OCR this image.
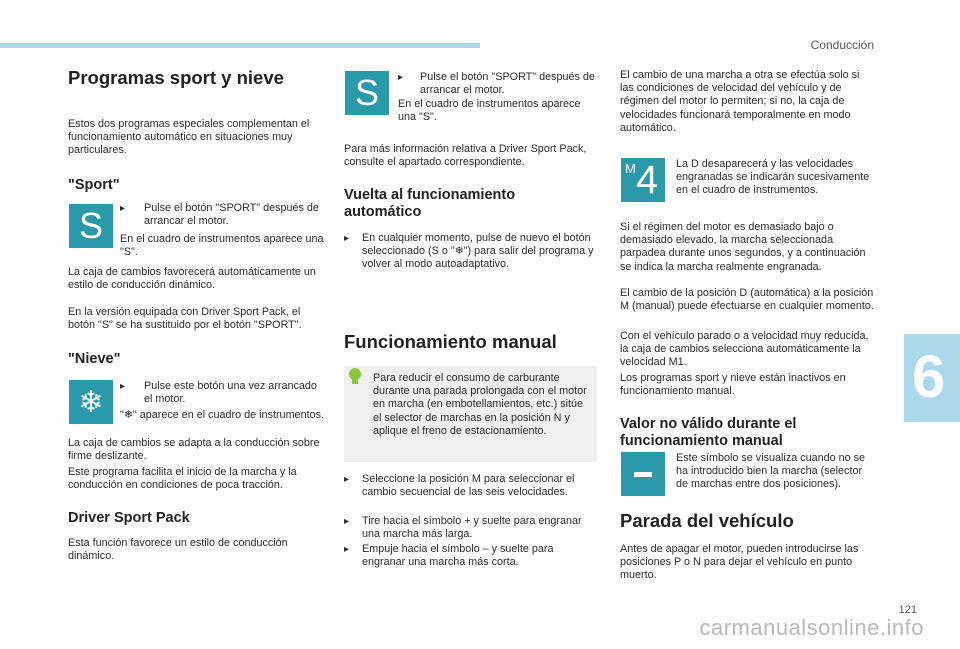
Conducción
6
121
carmanualsonline.info
Programas sport y nieve

Estos dos programas especiales complementan el funcionamiento automático en situaciones muy particulares.

"Sport"
S ▸	Pulse el botón "SPORT" después de arrancar el motor.

En el cuadro de instrumentos aparece una "S".

La caja de cambios favorecerá automáticamente un estilo de conducción dinámico.

En la versión equipada con Driver Sport Pack, el botón "S" se ha sustituido por el botón "SPORT".

"Nieve"
❄ ▸	Pulse este botón una vez arrancado el motor.

"❄" aparece en el cuadro de instrumentos.

La caja de cambios se adapta a la conducción sobre firme deslizante.

Este programa facilita el inicio de la marcha y la conducción en condiciones de poca tracción.

Driver Sport Pack

Esta función favorece un estilo de conducción dinámico.

S ▸	Pulse el botón "SPORT" después de arrancar el motor.

En el cuadro de instrumentos aparece una "S".

Para más información relativa a Driver Sport Pack, consulte el apartado correspondiente.

Vuelta al funcionamiento automático
▸	En cualquier momento, pulse de nuevo el botón seleccionado (S o "❄") para salir del programa y volver al modo autoadaptativo.
Funcionamiento manual

Para reducir el consumo de carburante durante una parada prolongada con el motor en marcha (en embotellamientos, etc.) sitúe el selector de marchas en la posición N y aplique el freno de estacionamiento.

▸	Seleccione la posición M para seleccionar el cambio secuencial de las seis velocidades.
▸	Tire hacia el símbolo + y suelte para engranar una marcha más larga.
▸	Empuje hacia el símbolo – y suelte para engranar una marcha más corta.

El cambio de una marcha a otra se efectúa solo si las condiciones de velocidad del vehículo y de régimen del motor lo permiten; si no, la caja de velocidades funcionará temporalmente en modo automático.

M 4 La D desaparecerá y las velocidades engranadas se indicarán sucesivamente en el cuadro de instrumentos.

Si el régimen del motor es demasiado bajo o demasiado elevado, la marcha seleccionada parpadea durante unos segundos, y a continuación se indica la marcha realmente engranada.

El cambio de la posición D (automática) a la posición M (manual) puede efectuarse en cualquier momento.

Con el vehículo parado o a velocidad muy reducida, la caja de cambios selecciona automáticamente la velocidad M1.

Los programas sport y nieve están inactivos en funcionamiento manual.

Valor no válido durante el funcionamiento manual

Este símbolo se visualiza cuando no se ha introducido bien la marcha (selector de marchas entre dos posiciones).

Parada del vehículo

Antes de apagar el motor, pueden introducirse las posiciones P o N para dejar el vehículo en punto muerto.
